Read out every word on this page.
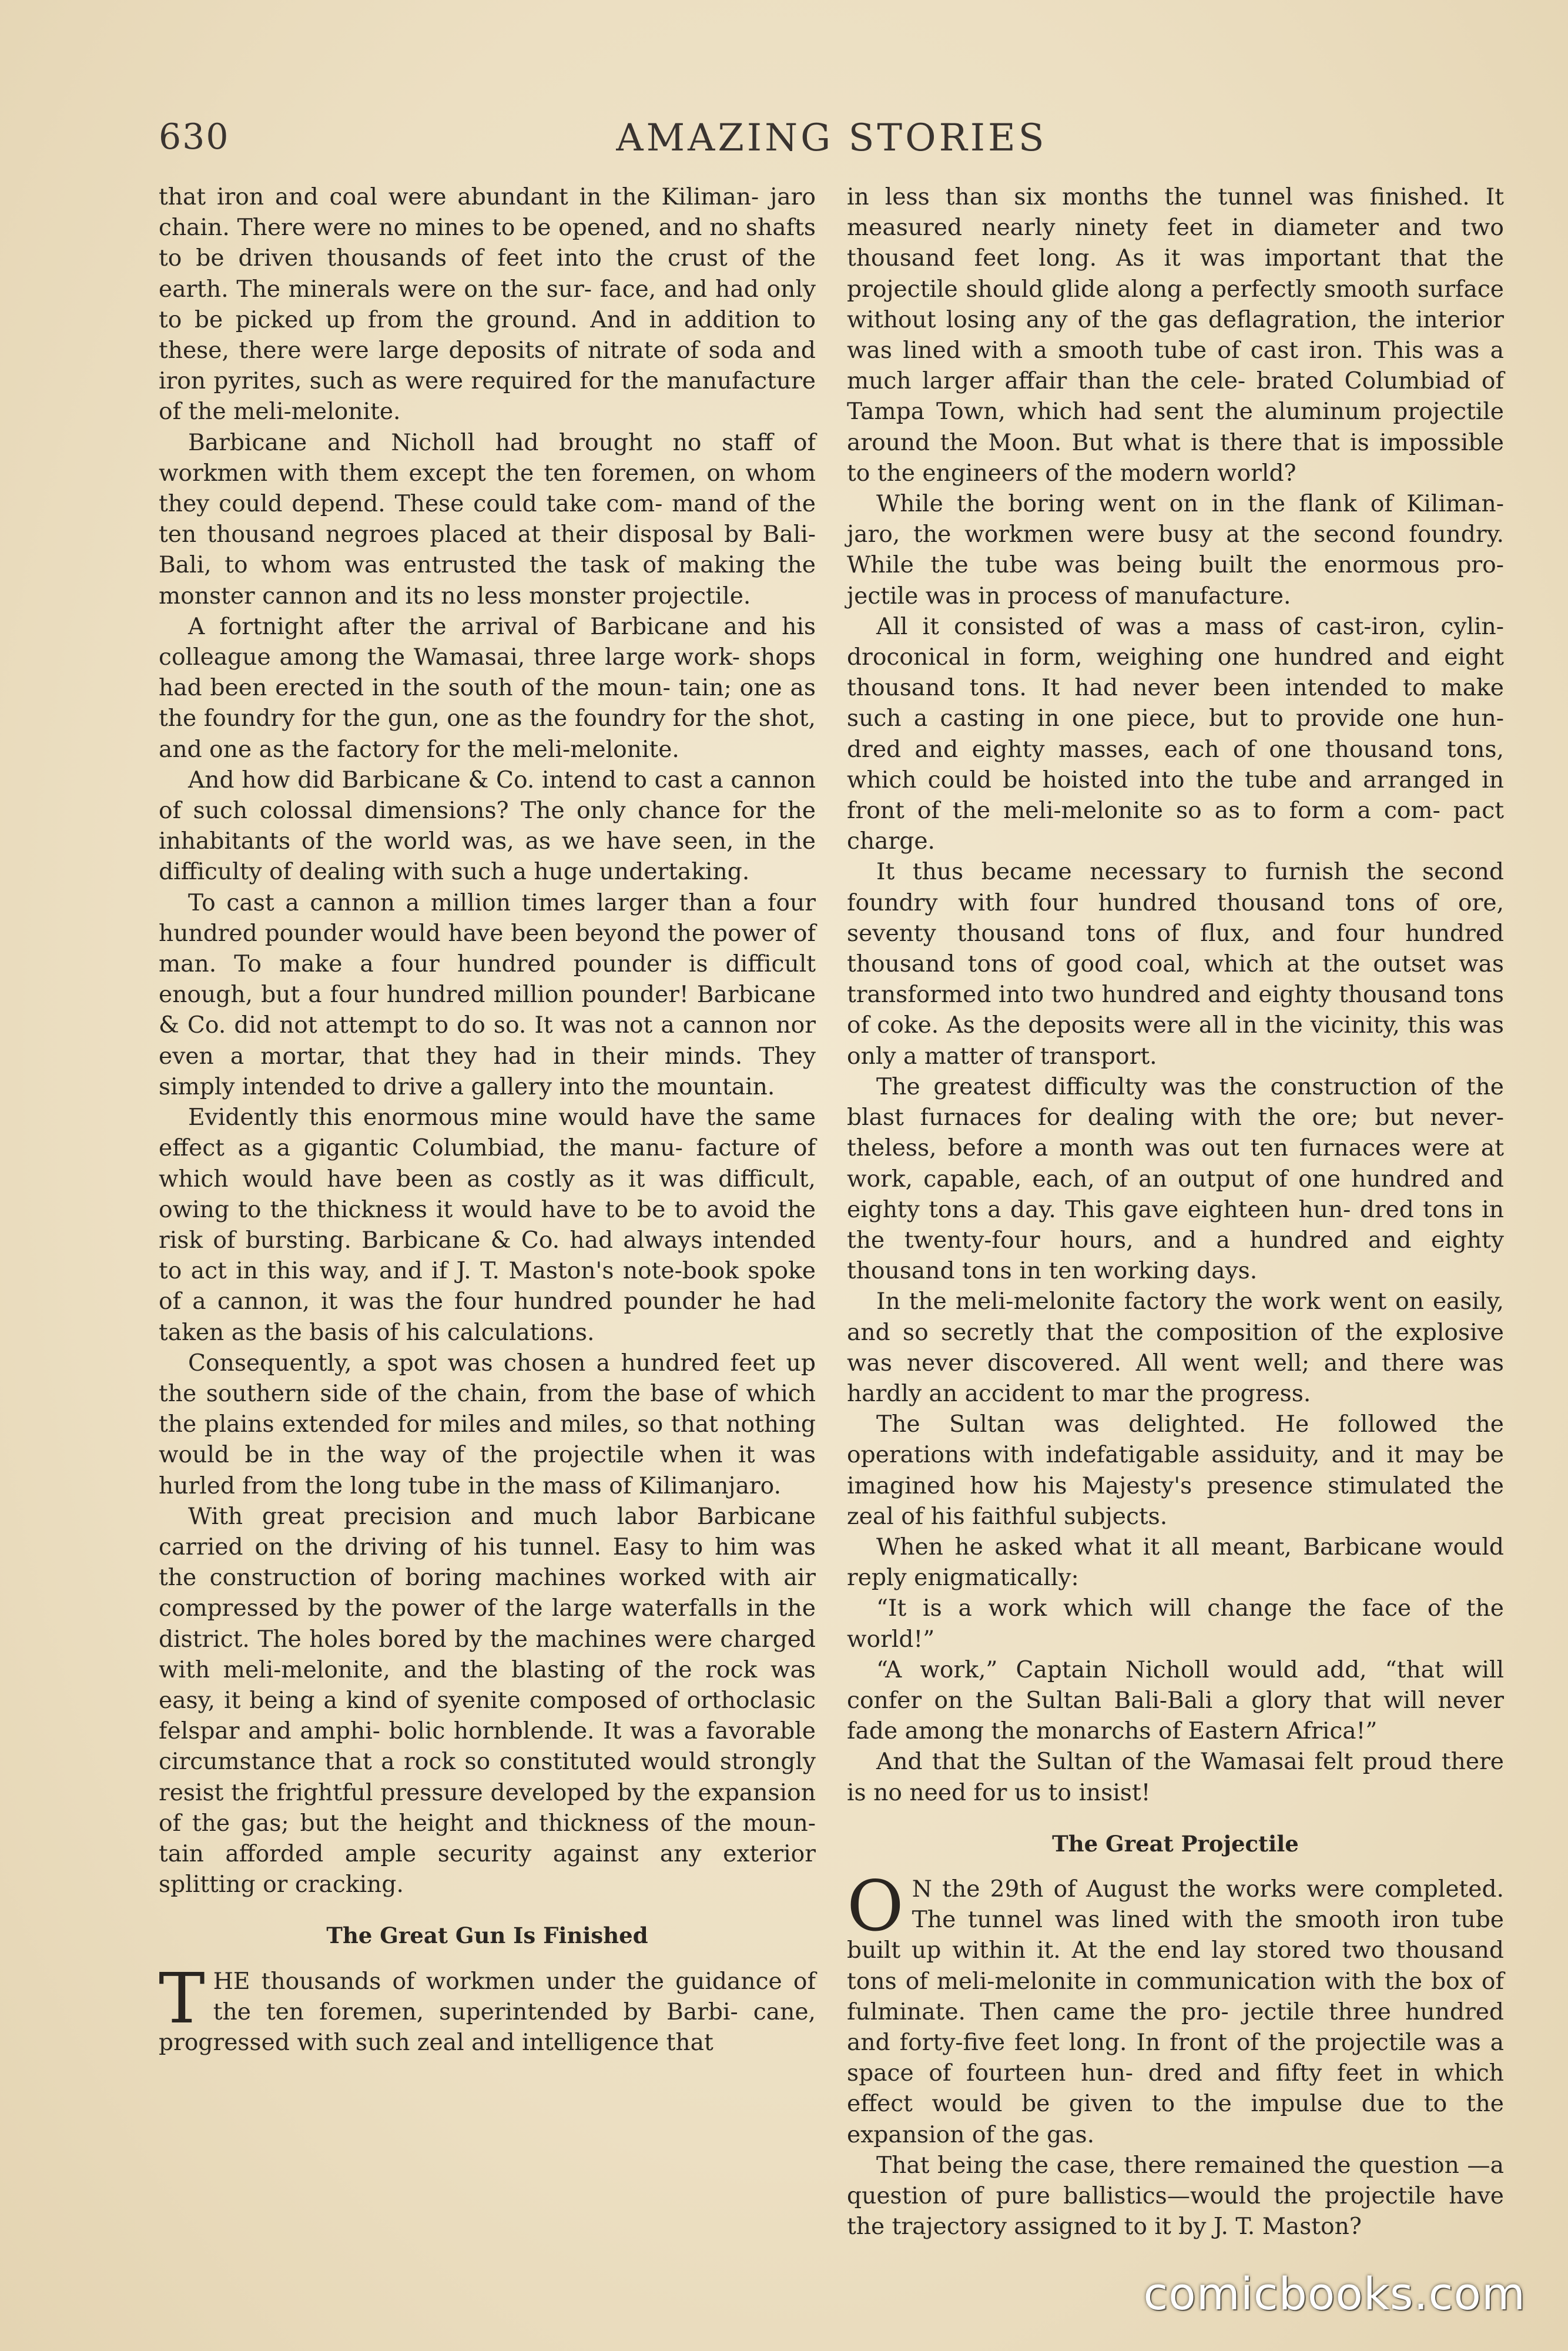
630	AMAZING STORIES

that iron and coal were abundant in the Kiliman- jaro chain. There were no mines to be opened, and no shafts to be driven thousands of feet into the crust of the earth. The minerals were on the sur- face, and had only to be picked up from the ground. And in addition to these, there were large deposits of nitrate of soda and iron pyrites, such as were required for the manufacture of the meli-melonite.

Barbicane and Nicholl had brought no staff of workmen with them except the ten foremen, on whom they could depend. These could take com- mand of the ten thousand negroes placed at their disposal by Bali-Bali, to whom was entrusted the task of making the monster cannon and its no less monster projectile.

A fortnight after the arrival of Barbicane and his colleague among the Wamasai, three large work- shops had been erected in the south of the moun- tain; one as the foundry for the gun, one as the foundry for the shot, and one as the factory for the meli-melonite.

And how did Barbicane & Co. intend to cast a cannon of such colossal dimensions? The only chance for the inhabitants of the world was, as we have seen, in the difficulty of dealing with such a huge undertaking.

To cast a cannon a million times larger than a four hundred pounder would have been beyond the power of man. To make a four hundred pounder is difficult enough, but a four hundred million pounder! Barbicane & Co. did not attempt to do so. It was not a cannon nor even a mortar, that they had in their minds. They simply intended to drive a gallery into the mountain.

Evidently this enormous mine would have the same effect as a gigantic Columbiad, the manu- facture of which would have been as costly as it was difficult, owing to the thickness it would have to be to avoid the risk of bursting. Barbicane & Co. had always intended to act in this way, and if J. T. Maston's note-book spoke of a cannon, it was the four hundred pounder he had taken as the basis of his calculations.

Consequently, a spot was chosen a hundred feet up the southern side of the chain, from the base of which the plains extended for miles and miles, so that nothing would be in the way of the projectile when it was hurled from the long tube in the mass of Kilimanjaro.

With great precision and much labor Barbicane carried on the driving of his tunnel. Easy to him was the construction of boring machines worked with air compressed by the power of the large waterfalls in the district. The holes bored by the machines were charged with meli-melonite, and the blasting of the rock was easy, it being a kind of syenite composed of orthoclasic felspar and amphi- bolic hornblende. It was a favorable circumstance that a rock so constituted would strongly resist the frightful pressure developed by the expansion of the gas; but the height and thickness of the moun- tain afforded ample security against any exterior splitting or cracking.

The Great Gun Is Finished

THE thousands of workmen under the guidance of the ten foremen, superintended by Barbi- cane, progressed with such zeal and intelligence that

in less than six months the tunnel was finished. It measured nearly ninety feet in diameter and two thousand feet long. As it was important that the projectile should glide along a perfectly smooth surface without losing any of the gas deflagration, the interior was lined with a smooth tube of cast iron. This was a much larger affair than the cele- brated Columbiad of Tampa Town, which had sent the aluminum projectile around the Moon. But what is there that is impossible to the engineers of the modern world?

While the boring went on in the flank of Kiliman- jaro, the workmen were busy at the second foundry. While the tube was being built the enormous pro- jectile was in process of manufacture.

All it consisted of was a mass of cast-iron, cylin- droconical in form, weighing one hundred and eight thousand tons. It had never been intended to make such a casting in one piece, but to provide one hun- dred and eighty masses, each of one thousand tons, which could be hoisted into the tube and arranged in front of the meli-melonite so as to form a com- pact charge.

It thus became necessary to furnish the second foundry with four hundred thousand tons of ore, seventy thousand tons of flux, and four hundred thousand tons of good coal, which at the outset was transformed into two hundred and eighty thousand tons of coke. As the deposits were all in the vicinity, this was only a matter of transport.

The greatest difficulty was the construction of the blast furnaces for dealing with the ore; but never- theless, before a month was out ten furnaces were at work, capable, each, of an output of one hundred and eighty tons a day. This gave eighteen hun- dred tons in the twenty-four hours, and a hundred and eighty thousand tons in ten working days.

In the meli-melonite factory the work went on easily, and so secretly that the composition of the explosive was never discovered. All went well; and there was hardly an accident to mar the progress.

The Sultan was delighted. He followed the operations with indefatigable assiduity, and it may be imagined how his Majesty's presence stimulated the zeal of his faithful subjects.

When he asked what it all meant, Barbicane would reply enigmatically:

“It is a work which will change the face of the world!”

“A work,” Captain Nicholl would add, “that will confer on the Sultan Bali-Bali a glory that will never fade among the monarchs of Eastern Africa!”

And that the Sultan of the Wamasai felt proud there is no need for us to insist!

The Great Projectile

O N the 29th of August the works were completed. The tunnel was lined with the smooth iron tube built up within it. At the end lay stored two thousand tons of meli-melonite in communication with the box of fulminate. Then came the pro- jectile three hundred and forty-five feet long. In front of the projectile was a space of fourteen hun- dred and fifty feet in which effect would be given to the impulse due to the expansion of the gas.

That being the case, there remained the question —a question of pure ballistics—would the projectile have the trajectory assigned to it by J. T. Maston?

comicbooks.com
